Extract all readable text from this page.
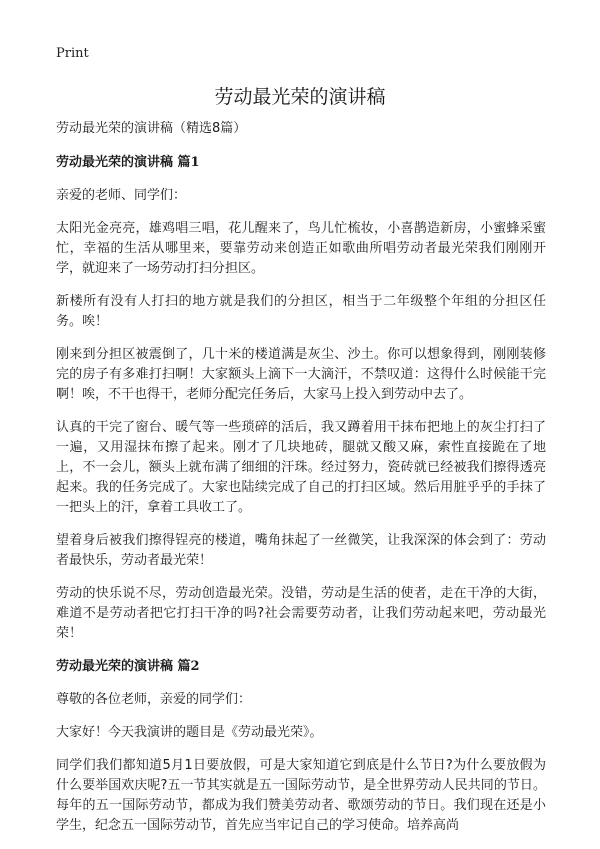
Print
劳动最光荣的演讲稿

劳动最光荣的演讲稿（精选8篇）

劳动最光荣的演讲稿 篇1

亲爱的老师、同学们：

太阳光金亮亮，雄鸡唱三唱，花儿醒来了，鸟儿忙梳妆，小喜鹊造新房，小蜜蜂采蜜忙，幸福的生活从哪里来，要靠劳动来创造正如歌曲所唱劳动者最光荣我们刚刚开学，就迎来了一场劳动打扫分担区。

新楼所有没有人打扫的地方就是我们的分担区，相当于二年级整个年组的分担区任务。唉！

刚来到分担区被震倒了，几十米的楼道满是灰尘、沙土。你可以想象得到，刚刚装修完的房子有多难打扫啊！大家额头上滴下一大滴汗，不禁叹道：这得什么时候能干完啊！唉，不干也得干，老师分配完任务后，大家马上投入到劳动中去了。

认真的干完了窗台、暖气等一些琐碎的活后，我又蹲着用干抹布把地上的灰尘打扫了一遍，又用湿抹布擦了起来。刚才了几块地砖，腿就又酸又麻，索性直接跪在了地上，不一会儿，额头上就布满了细细的汗珠。经过努力，瓷砖就已经被我们擦得透亮起来。我的任务完成了。大家也陆续完成了自己的打扫区域。然后用脏乎乎的手抹了一把头上的汗，拿着工具收工了。

望着身后被我们擦得锃亮的楼道，嘴角抹起了一丝微笑，让我深深的体会到了：劳动者最快乐，劳动者最光荣！

劳动的快乐说不尽，劳动创造最光荣。没错，劳动是生活的使者，走在干净的大街，难道不是劳动者把它打扫干净的吗?社会需要劳动者，让我们劳动起来吧，劳动最光荣！

劳动最光荣的演讲稿 篇2

尊敬的各位老师，亲爱的同学们：

大家好！今天我演讲的题目是《劳动最光荣》。

同学们我们都知道5月1日要放假，可是大家知道它到底是什么节日?为什么要放假为什么要举国欢庆呢?五一节其实就是五一国际劳动节，是全世界劳动人民共同的节日。每年的五一国际劳动节，都成为我们赞美劳动者、歌颂劳动的节日。我们现在还是小学生，纪念五一国际劳动节，首先应当牢记自己的学习使命。培养高尚
